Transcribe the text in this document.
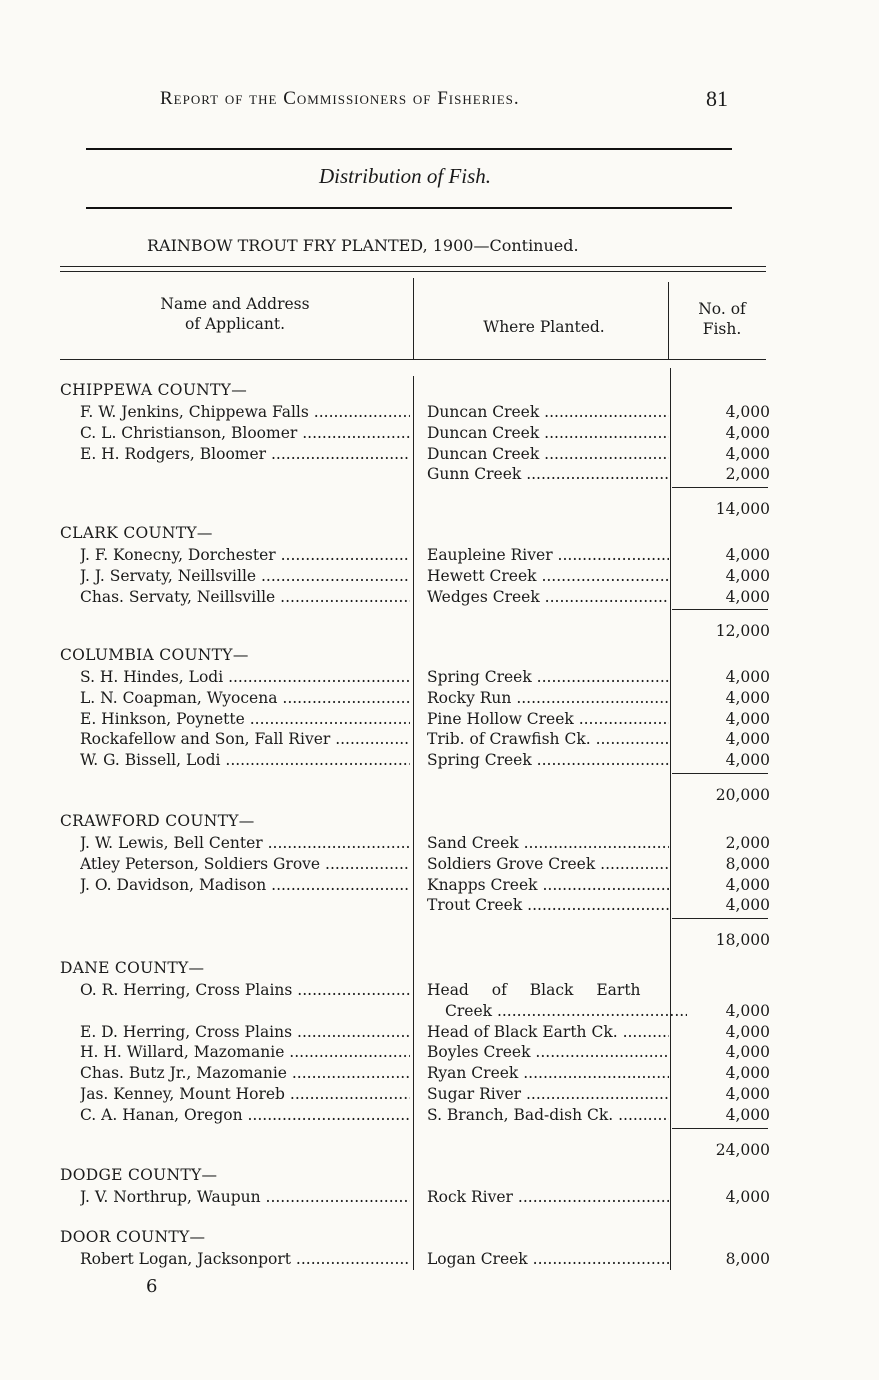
Report of the Commissioners of Fisheries.	81
Distribution of Fish.
RAINBOW TROUT FRY PLANTED, 1900—Continued.
Name and Address
of Applicant.	Where Planted.
No. of
Fish.
CHIPPEWA COUNTY—
F. W. Jenkins, Chippewa Falls .....	Duncan Creek .....	4,000
C. L. Christianson, Bloomer .....	Duncan Creek .....	4,000
E. H. Rodgers, Bloomer .....	Duncan Creek .....	4,000
Gunn Creek .....	2,000
14,000
CLARK COUNTY—
J. F. Konecny, Dorchester .....	Eaupleine River .....	4,000
J. J. Servaty, Neillsville .....	Hewett Creek .....	4,000
Chas. Servaty, Neillsville .....	Wedges Creek .....	4,000
12,000
COLUMBIA COUNTY—
S. H. Hindes, Lodi .....	Spring Creek .....	4,000
L. N. Coapman, Wyocena .....	Rocky Run .....	4,000
E. Hinkson, Poynette .....	Pine Hollow Creek .....	4,000
Rockafellow and Son, Fall River .....	Trib. of Crawfish Ck. .....	4,000
W. G. Bissell, Lodi .....	Spring Creek .....	4,000
20,000
CRAWFORD COUNTY—
J. W. Lewis, Bell Center .....	Sand Creek .....	2,000
Atley Peterson, Soldiers Grove .....	Soldiers Grove Creek .....	8,000
J. O. Davidson, Madison .....	Knapps Creek .....	4,000
Trout Creek .....	4,000
18,000
DANE COUNTY—
O. R. Herring, Cross Plains .....	Head of Black Earth
Creek .....	4,000
E. D. Herring, Cross Plains .....	Head of Black Earth Ck. .....	4,000
H. H. Willard, Mazomanie .....	Boyles Creek .....	4,000
Chas. Butz Jr., Mazomanie .....	Ryan Creek .....	4,000
Jas. Kenney, Mount Horeb .....	Sugar River .....	4,000
C. A. Hanan, Oregon .....	S. Branch, Bad-dish Ck. .....	4,000
24,000
DODGE COUNTY—
J. V. Northrup, Waupun .....	Rock River .....	4,000
DOOR COUNTY—
Robert Logan, Jacksonport .....	Logan Creek .....	8,000
6
